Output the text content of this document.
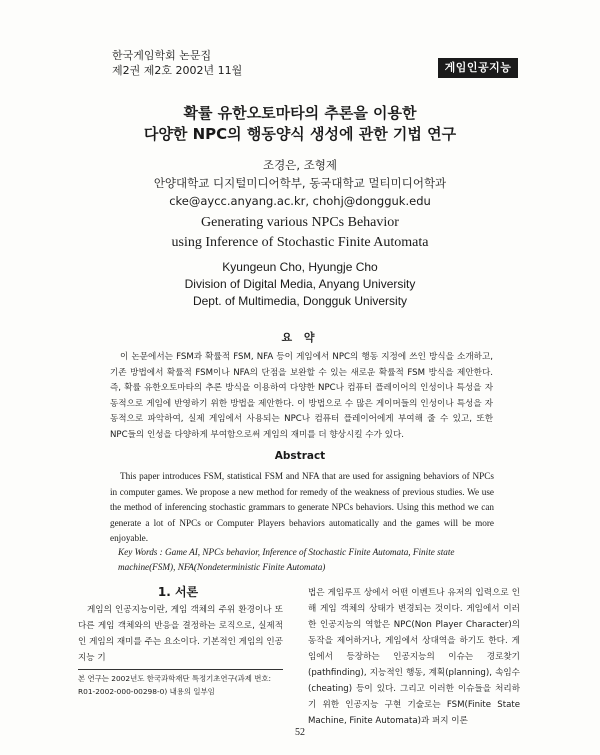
한국게임학회 논문집
제2권 제2호 2002년 11월	게임인공지능
확률 유한오토마타의 추론을 이용한
다양한 NPC의 행동양식 생성에 관한 기법 연구
조경은, 조형제
안양대학교 디지털미디어학부, 동국대학교 멀티미디어학과
cke@aycc.anyang.ac.kr, chohj@dongguk.edu
Generating various NPCs Behavior
using Inference of Stochastic Finite Automata
Kyungeun Cho, Hyungje Cho
Division of Digital Media, Anyang University
Dept. of Multimedia, Dongguk University
요 약

이 논문에서는 FSM과 확률적 FSM, NFA 등이 게임에서 NPC의 행동 지정에 쓰인 방식을 소개하고, 기존 방법에서 확률적 FSM이나 NFA의 단점을 보완할 수 있는 새로운 확률적 FSM 방식을 제안한다. 즉, 확률 유한오토마타의 추론 방식을 이용하여 다양한 NPC나 컴퓨터 플레이어의 인성이나 특성을 자동적으로 게임에 반영하기 위한 방법을 제안한다. 이 방법으로 수 많은 게이머들의 인성이나 특성을 자동적으로 파악하여, 실제 게임에서 사용되는 NPC나 컴퓨터 플레이어에게 부여해 줄 수 있고, 또한 NPC들의 인성을 다양하게 부여함으로써 게임의 재미를 더 향상시킬 수가 있다.

Abstract

This paper introduces FSM, statistical FSM and NFA that are used for assigning behaviors of NPCs in computer games. We propose a new method for remedy of the weakness of previous studies. We use the method of inferencing stochastic grammars to generate NPCs behaviors. Using this method we can generate a lot of NPCs or Computer Players behaviors automatically and the games will be more enjoyable.

Key Words : Game AI, NPCs behavior, Inference of Stochastic Finite Automata, Finite state machine(FSM), NFA(Nondeterministic Finite Automata)

1. 서론

게임의 인공지능이란, 게임 객체의 주위 환경이나 또 다른 게임 객체와의 반응을 결정하는 로직으로, 실제적인 게임의 재미를 주는 요소이다. 기본적인 게임의 인공지능 기

법은 게임루프 상에서 어떤 이벤트나 유저의 입력으로 인해 게임 객체의 상태가 변경되는 것이다. 게임에서 이러한 인공지능의 역할은 NPC(Non Player Character)의 동작을 제어하거나, 게임에서 상대역을 하기도 한다. 게임에서 등장하는 인공지능의 이슈는 경로찾기(pathfinding), 지능적인 행동, 계획(planning), 속임수(cheating) 등이 있다. 그리고 이러한 이슈들을 처리하기 위한 인공지능 구현 기술로는 FSM(Finite State Machine, Finite Automata)과 퍼지 이론

본 연구는 2002년도 한국과학재단 특정기초연구(과제 번호:

R01-2002-000-00298-0) 내용의 일부임

52
